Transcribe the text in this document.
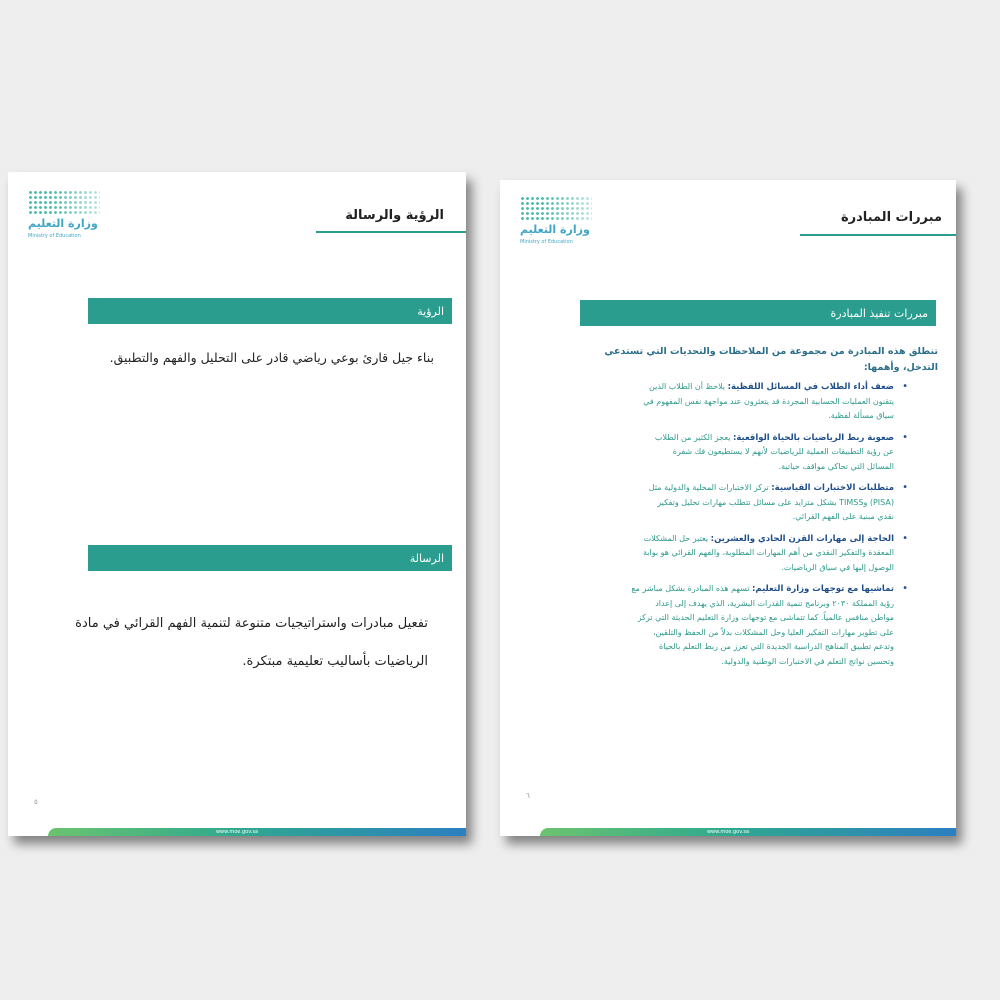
وزارة التعليم
Ministry of Education
الرؤية والرسالة
الرؤية
بناء جيل قارئ بوعي رياضي قادر على التحليل والفهم والتطبيق.
الرسالة
تفعيل مبادرات واستراتيجيات متنوعة لتنمية الفهم القرائي في مادة
الرياضيات بأساليب تعليمية مبتكرة.
٥
www.moe.gov.sa
وزارة التعليم
Ministry of Education
مبررات المبادرة
مبررات تنفيذ المبادرة
تنطلق هذه المبادرة من مجموعة من الملاحظات والتحديات التي تستدعي
التدخل، وأهمها:
•
ضعف أداء الطلاب في المسائل اللفظية: يلاحظ أن الطلاب الذين
يتقنون العمليات الحسابية المجردة قد يتعثرون عند مواجهة نفس المفهوم في
سياق مسألة لفظية.
•
صعوبة ربط الرياضيات بالحياة الواقعية: يعجز الكثير من الطلاب
عن رؤية التطبيقات العملية للرياضيات لأنهم لا يستطيعون فك شفرة
المسائل التي تحاكي مواقف حياتية.
•
متطلبات الاختبارات القياسية: تركز الاختبارات المحلية والدولية مثل
(PISA) وTIMSS بشكل متزايد على مسائل تتطلب مهارات تحليل وتفكير
نقدي مبنية على الفهم القرائي.
•
الحاجة إلى مهارات القرن الحادي والعشرين: يعتبر حل المشكلات
المعقدة والتفكير النقدي من أهم المهارات المطلوبة، والفهم القرائي هو بوابة
الوصول إليها في سياق الرياضيات.
•
تماشيها مع توجهات وزارة التعليم: تسهم هذه المبادرة بشكل مباشر مع
رؤية المملكة ٢٠٣٠ وبرنامج تنمية القدرات البشرية، الذي يهدف إلى إعداد
مواطن منافس عالمياً. كما تتماشى مع توجهات وزارة التعليم الحديثة التي تركز
على تطوير مهارات التفكير العليا وحل المشكلات بدلاً من الحفظ والتلقين،
وتدعم تطبيق المناهج الدراسية الجديدة التي تعزز من ربط التعلم بالحياة
وتحسين نواتج التعلم في الاختبارات الوطنية والدولية.
٦
www.moe.gov.sa
